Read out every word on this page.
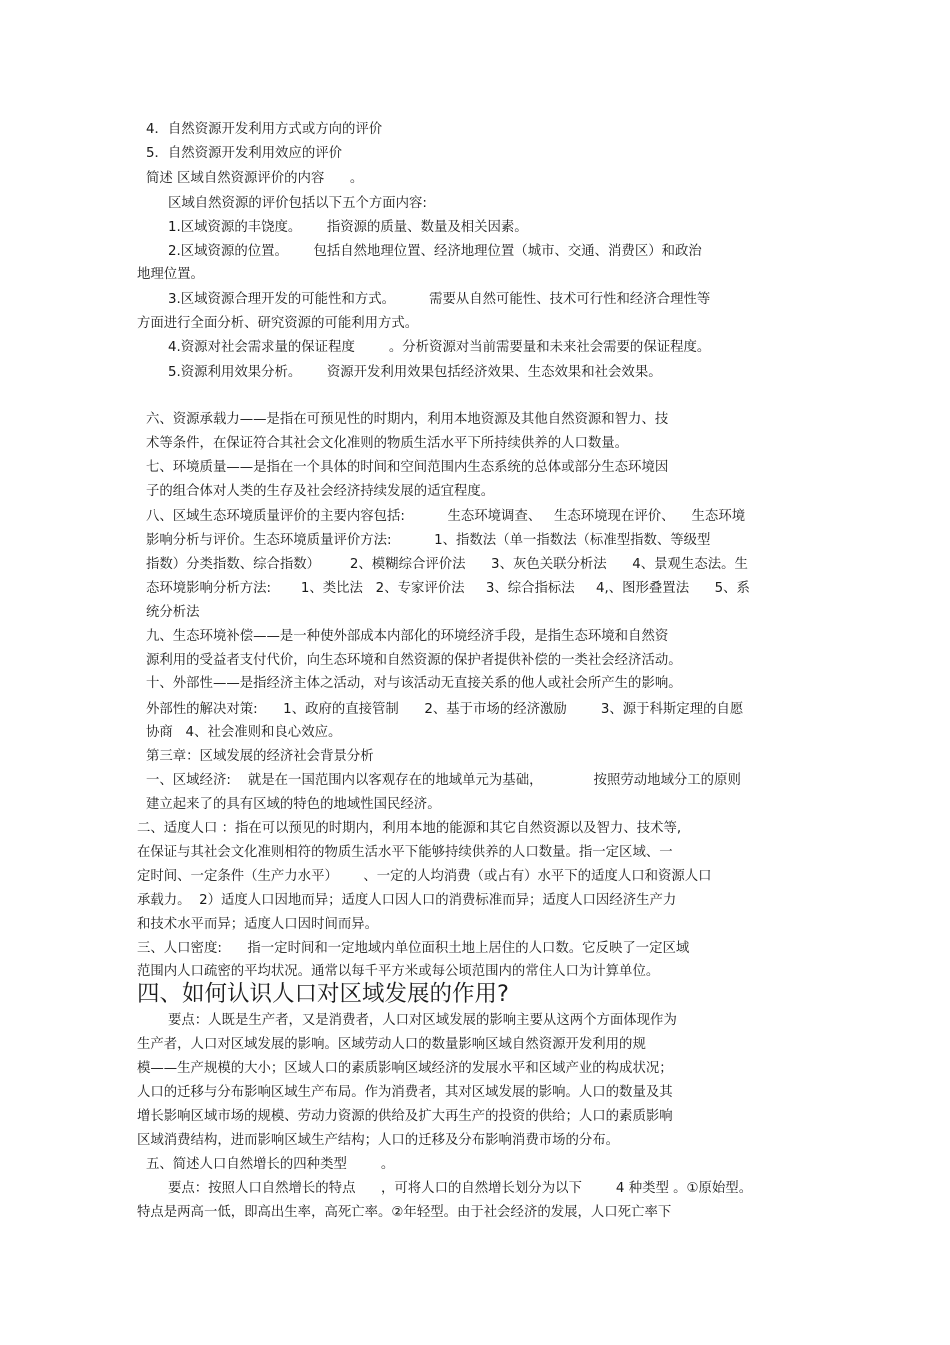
4．自然资源开发利用方式或方向的评价
5．自然资源开发利用效应的评价
简述 区域自然资源评价的内容      。
区域自然资源的评价包括以下五个方面内容:
1.区域资源的丰饶度。      指资源的质量、数量及相关因素。
2.区域资源的位置。      包括自然地理位置、经济地理位置（城市、交通、消费区）和政治
地理位置。
3.区域资源合理开发的可能性和方式。        需要从自然可能性、技术可行性和经济合理性等
方面进行全面分析、研究资源的可能利用方式。
4.资源对社会需求量的保证程度        。分析资源对当前需要量和未来社会需要的保证程度。
5.资源利用效果分析。      资源开发利用效果包括经济效果、生态效果和社会效果。
六、资源承载力——是指在可预见性的时期内，利用本地资源及其他自然资源和智力、技
术等条件，在保证符合其社会文化准则的物质生活水平下所持续供养的人口数量。
七、环境质量——是指在一个具体的时间和空间范围内生态系统的总体或部分生态环境因
子的组合体对人类的生存及社会经济持续发展的适宜程度。
八、区域生态环境质量评价的主要内容包括:          生态环境调查、   生态环境现在评价、    生态环境
影响分析与评价。生态环境质量评价方法:          1、指数法（单一指数法（标准型指数、等级型
指数）分类指数、综合指数）       2、模糊综合评价法      3、灰色关联分析法      4、景观生态法。生
态环境影响分析方法:       1、类比法   2、专家评价法     3、综合指标法     4,、图形叠置法      5、系
统分析法
九、生态环境补偿——是一种使外部成本内部化的环境经济手段，是指生态环境和自然资
源利用的受益者支付代价，向生态环境和自然资源的保护者提供补偿的一类社会经济活动。
十、外部性——是指经济主体之活动，对与该活动无直接关系的他人或社会所产生的影响。
外部性的解决对策:      1、政府的直接管制      2、基于市场的经济激励        3、源于科斯定理的自愿
协商   4、社会准则和良心效应。
第三章：区域发展的经济社会背景分析
一、区域经济:    就是在一国范围内以客观存在的地域单元为基础，            按照劳动地域分工的原则
建立起来了的具有区域的特色的地域性国民经济。
二、适度人口 ：指在可以预见的时期内，利用本地的能源和其它自然资源以及智力、技术等,
在保证与其社会文化准则相符的物质生活水平下能够持续供养的人口数量。指一定区域、一
定时间、一定条件（生产力水平）      、一定的人均消费（或占有）水平下的适度人口和资源人口
承载力。  2）适度人口因地而异；适度人口因人口的消费标准而异；适度人口因经济生产力
和技术水平而异；适度人口因时间而异。
三、人口密度:      指一定时间和一定地域内单位面积土地上居住的人口数。它反映了一定区域
范围内人口疏密的平均状况。通常以每千平方米或每公顷范围内的常住人口为计算单位。
四、如何认识人口对区域发展的作用?
要点：人既是生产者，又是消费者，人口对区域发展的影响主要从这两个方面体现作为
生产者，人口对区域发展的影响。区域劳动人口的数量影响区域自然资源开发利用的规
模——生产规模的大小；区域人口的素质影响区域经济的发展水平和区域产业的构成状况；
人口的迁移与分布影响区域生产布局。作为消费者，其对区域发展的影响。人口的数量及其
增长影响区域市场的规模、劳动力资源的供给及扩大再生产的投资的供给；人口的素质影响
区域消费结构，进而影响区域生产结构；人口的迁移及分布影响消费市场的分布。
五、简述人口自然增长的四种类型        。
要点：按照人口自然增长的特点      ，可将人口的自然增长划分为以下        4 种类型 。①原始型。
特点是两高一低，即高出生率，高死亡率。②年轻型。由于社会经济的发展，人口死亡率下
